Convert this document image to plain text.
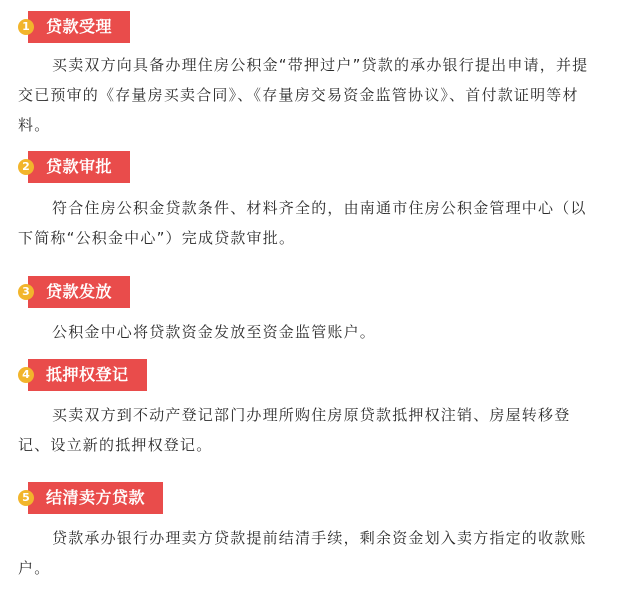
1	贷款受理
买卖双方向具备办理住房公积金“带押过户”贷款的承办银行提出申请，并提交已预审的《存量房买卖合同》、《存量房交易资金监管协议》、首付款证明等材料。
2	贷款审批
符合住房公积金贷款条件、材料齐全的，由南通市住房公积金管理中心（以下简称“公积金中心”）完成贷款审批。
3	贷款发放
公积金中心将贷款资金发放至资金监管账户。
4	抵押权登记
买卖双方到不动产登记部门办理所购住房原贷款抵押权注销、房屋转移登记、设立新的抵押权登记。
5	结清卖方贷款
贷款承办银行办理卖方贷款提前结清手续，剩余资金划入卖方指定的收款账户。
